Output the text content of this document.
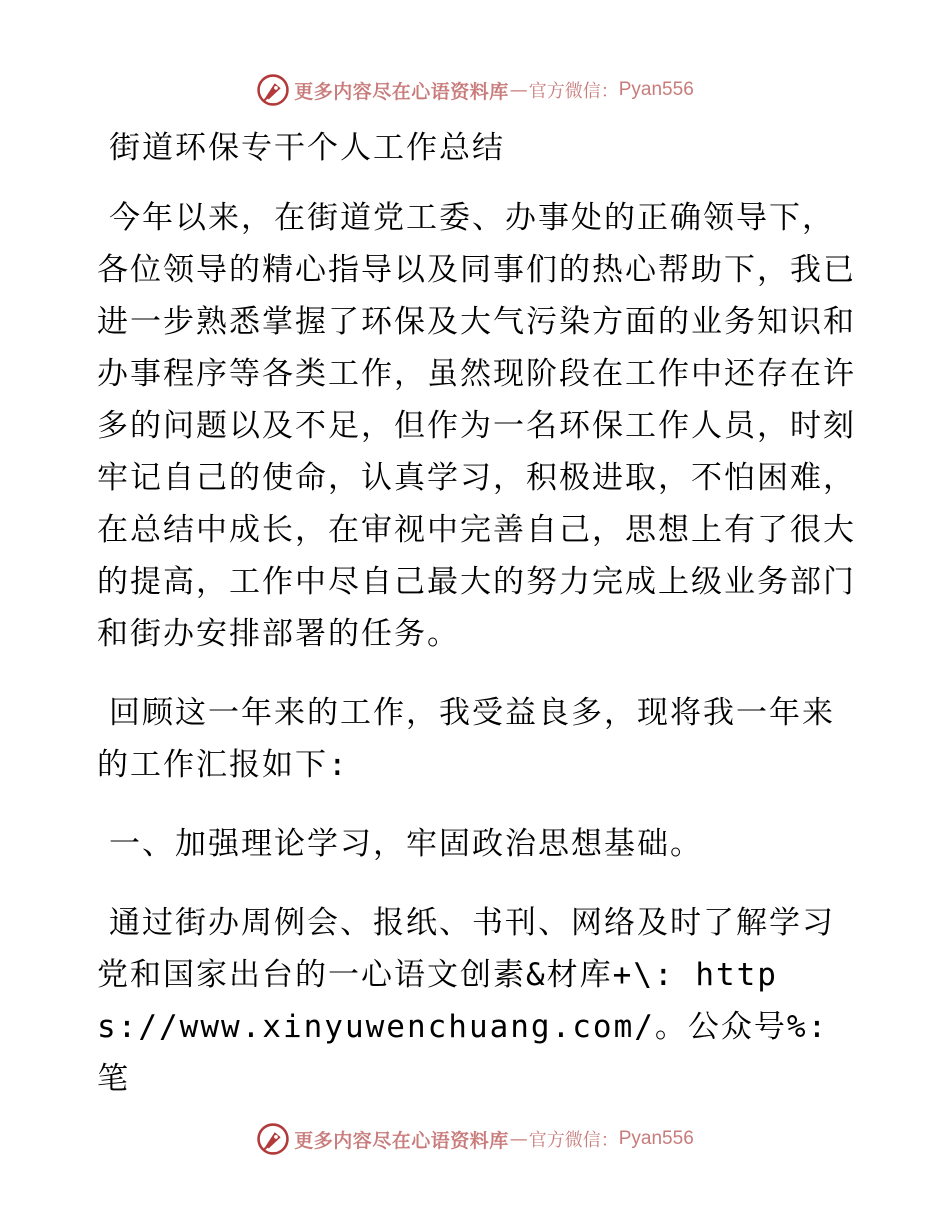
更多内容尽在心语资料库 — 官方微信： Pyan556

街道环保专干个人工作总结

今年以来，在街道党工委、办事处的正确领导下，各位领导的精心指导以及同事们的热心帮助下，我已进一步熟悉掌握了环保及大气污染方面的业务知识和办事程序等各类工作，虽然现阶段在工作中还存在许多的问题以及不足，但作为一名环保工作人员，时刻牢记自己的使命，认真学习，积极进取，不怕困难，在总结中成长，在审视中完善自己，思想上有了很大的提高，工作中尽自己最大的努力完成上级业务部门和街办安排部署的任务。

回顾这一年来的工作，我受益良多，现将我一年来的工作汇报如下:

一、加强理论学习，牢固政治思想基础。

通过街办周例会、报纸、书刊、网络及时了解学习党和国家出台的一心语文创素&材库+\: https://www.xinyuwenchuang.com/。公众号%: 笔

更多内容尽在心语资料库 — 官方微信： Pyan556
